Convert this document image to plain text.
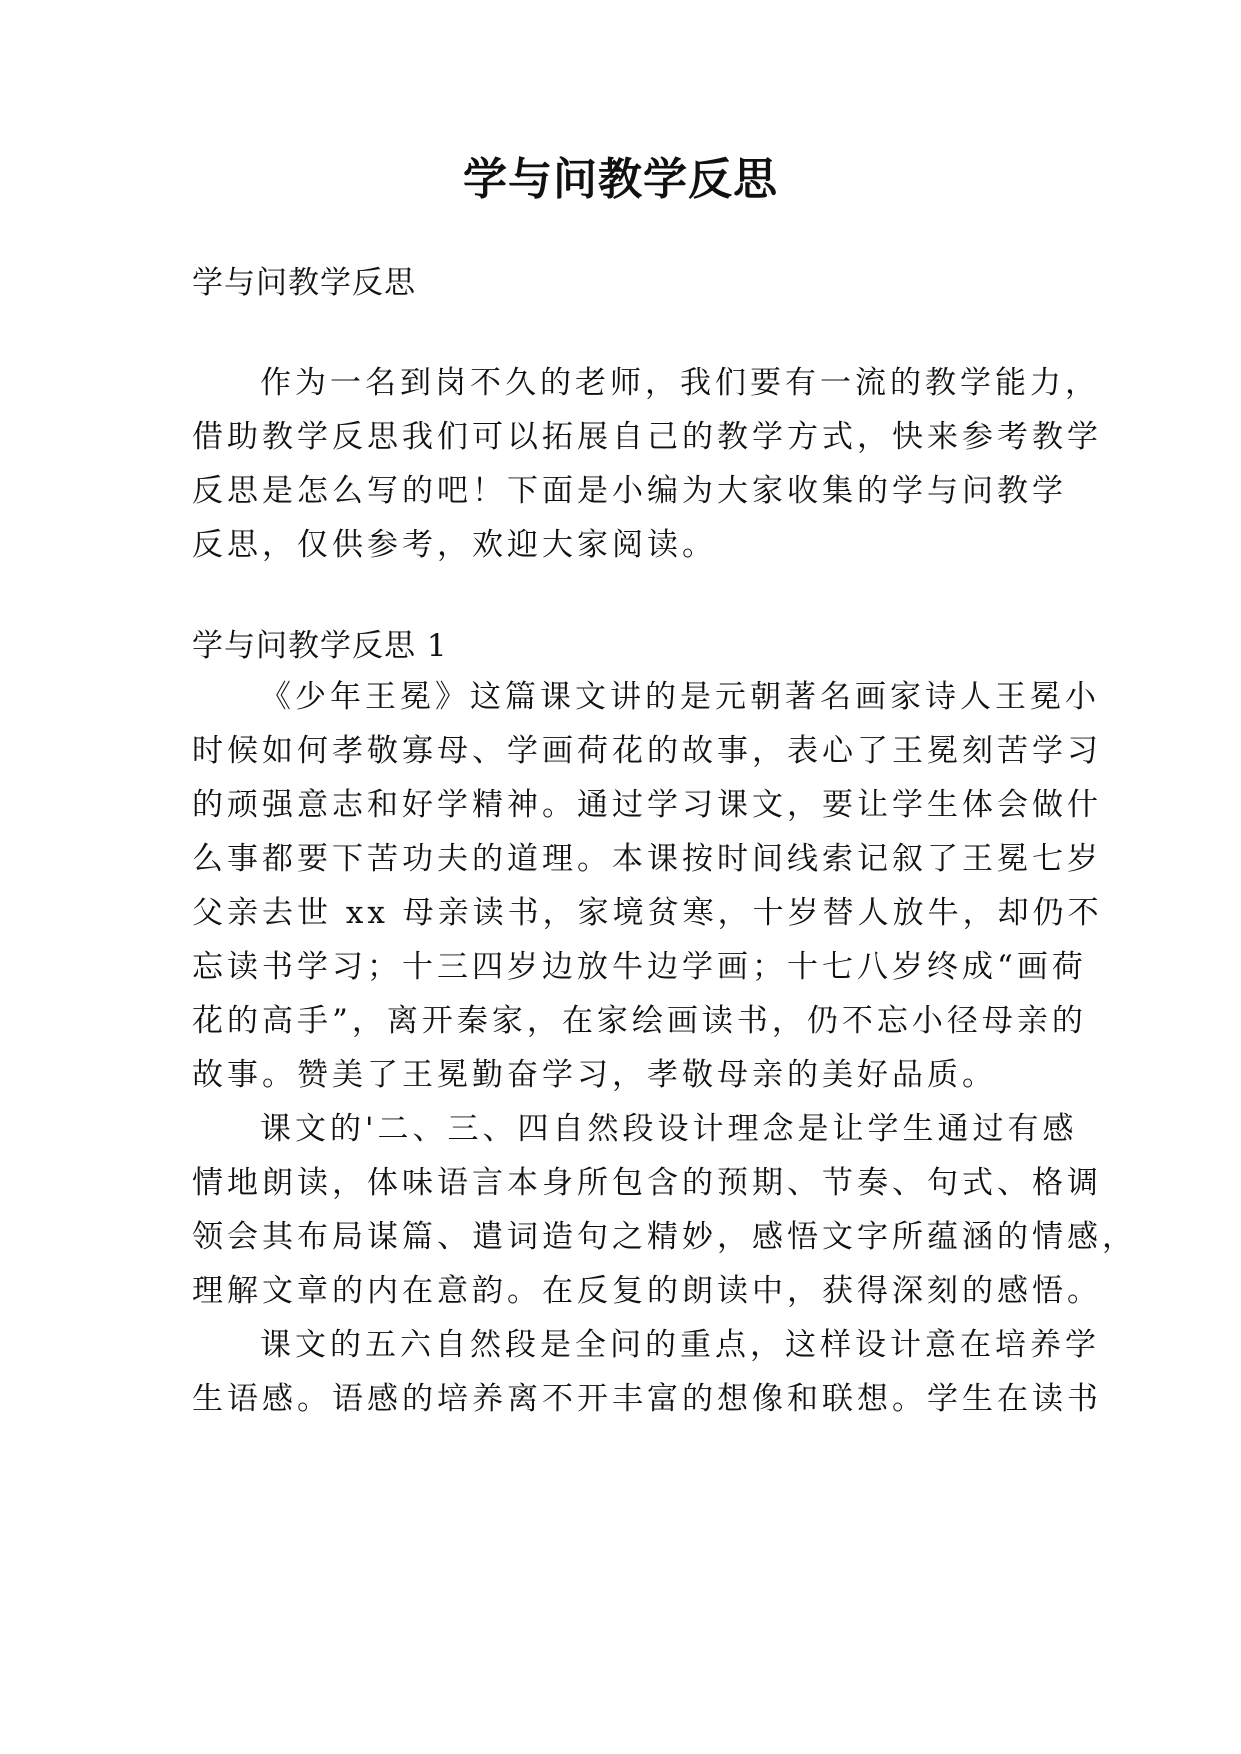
学与问教学反思
学与问教学反思
作为一名到岗不久的老师，我们要有一流的教学能力，
借助教学反思我们可以拓展自己的教学方式，快来参考教学
反思是怎么写的吧！下面是小编为大家收集的学与问教学
反思，仅供参考，欢迎大家阅读。
学与问教学反思 1
《少年王冕》这篇课文讲的是元朝著名画家诗人王冕小
时候如何孝敬寡母、学画荷花的故事，表心了王冕刻苦学习
的顽强意志和好学精神。通过学习课文，要让学生体会做什
么事都要下苦功夫的道理。本课按时间线索记叙了王冕七岁
父亲去世 xx 母亲读书，家境贫寒，十岁替人放牛，却仍不
忘读书学习；十三四岁边放牛边学画；十七八岁终成“画荷
花的高手”，离开秦家，在家绘画读书，仍不忘小径母亲的
故事。赞美了王冕勤奋学习，孝敬母亲的美好品质。
课文的'二、三、四自然段设计理念是让学生通过有感
情地朗读，体味语言本身所包含的预期、节奏、句式、格调
领会其布局谋篇、遣词造句之精妙，感悟文字所蕴涵的情感，
理解文章的内在意韵。在反复的朗读中，获得深刻的感悟。
课文的五六自然段是全问的重点，这样设计意在培养学
生语感。语感的培养离不开丰富的想像和联想。学生在读书
